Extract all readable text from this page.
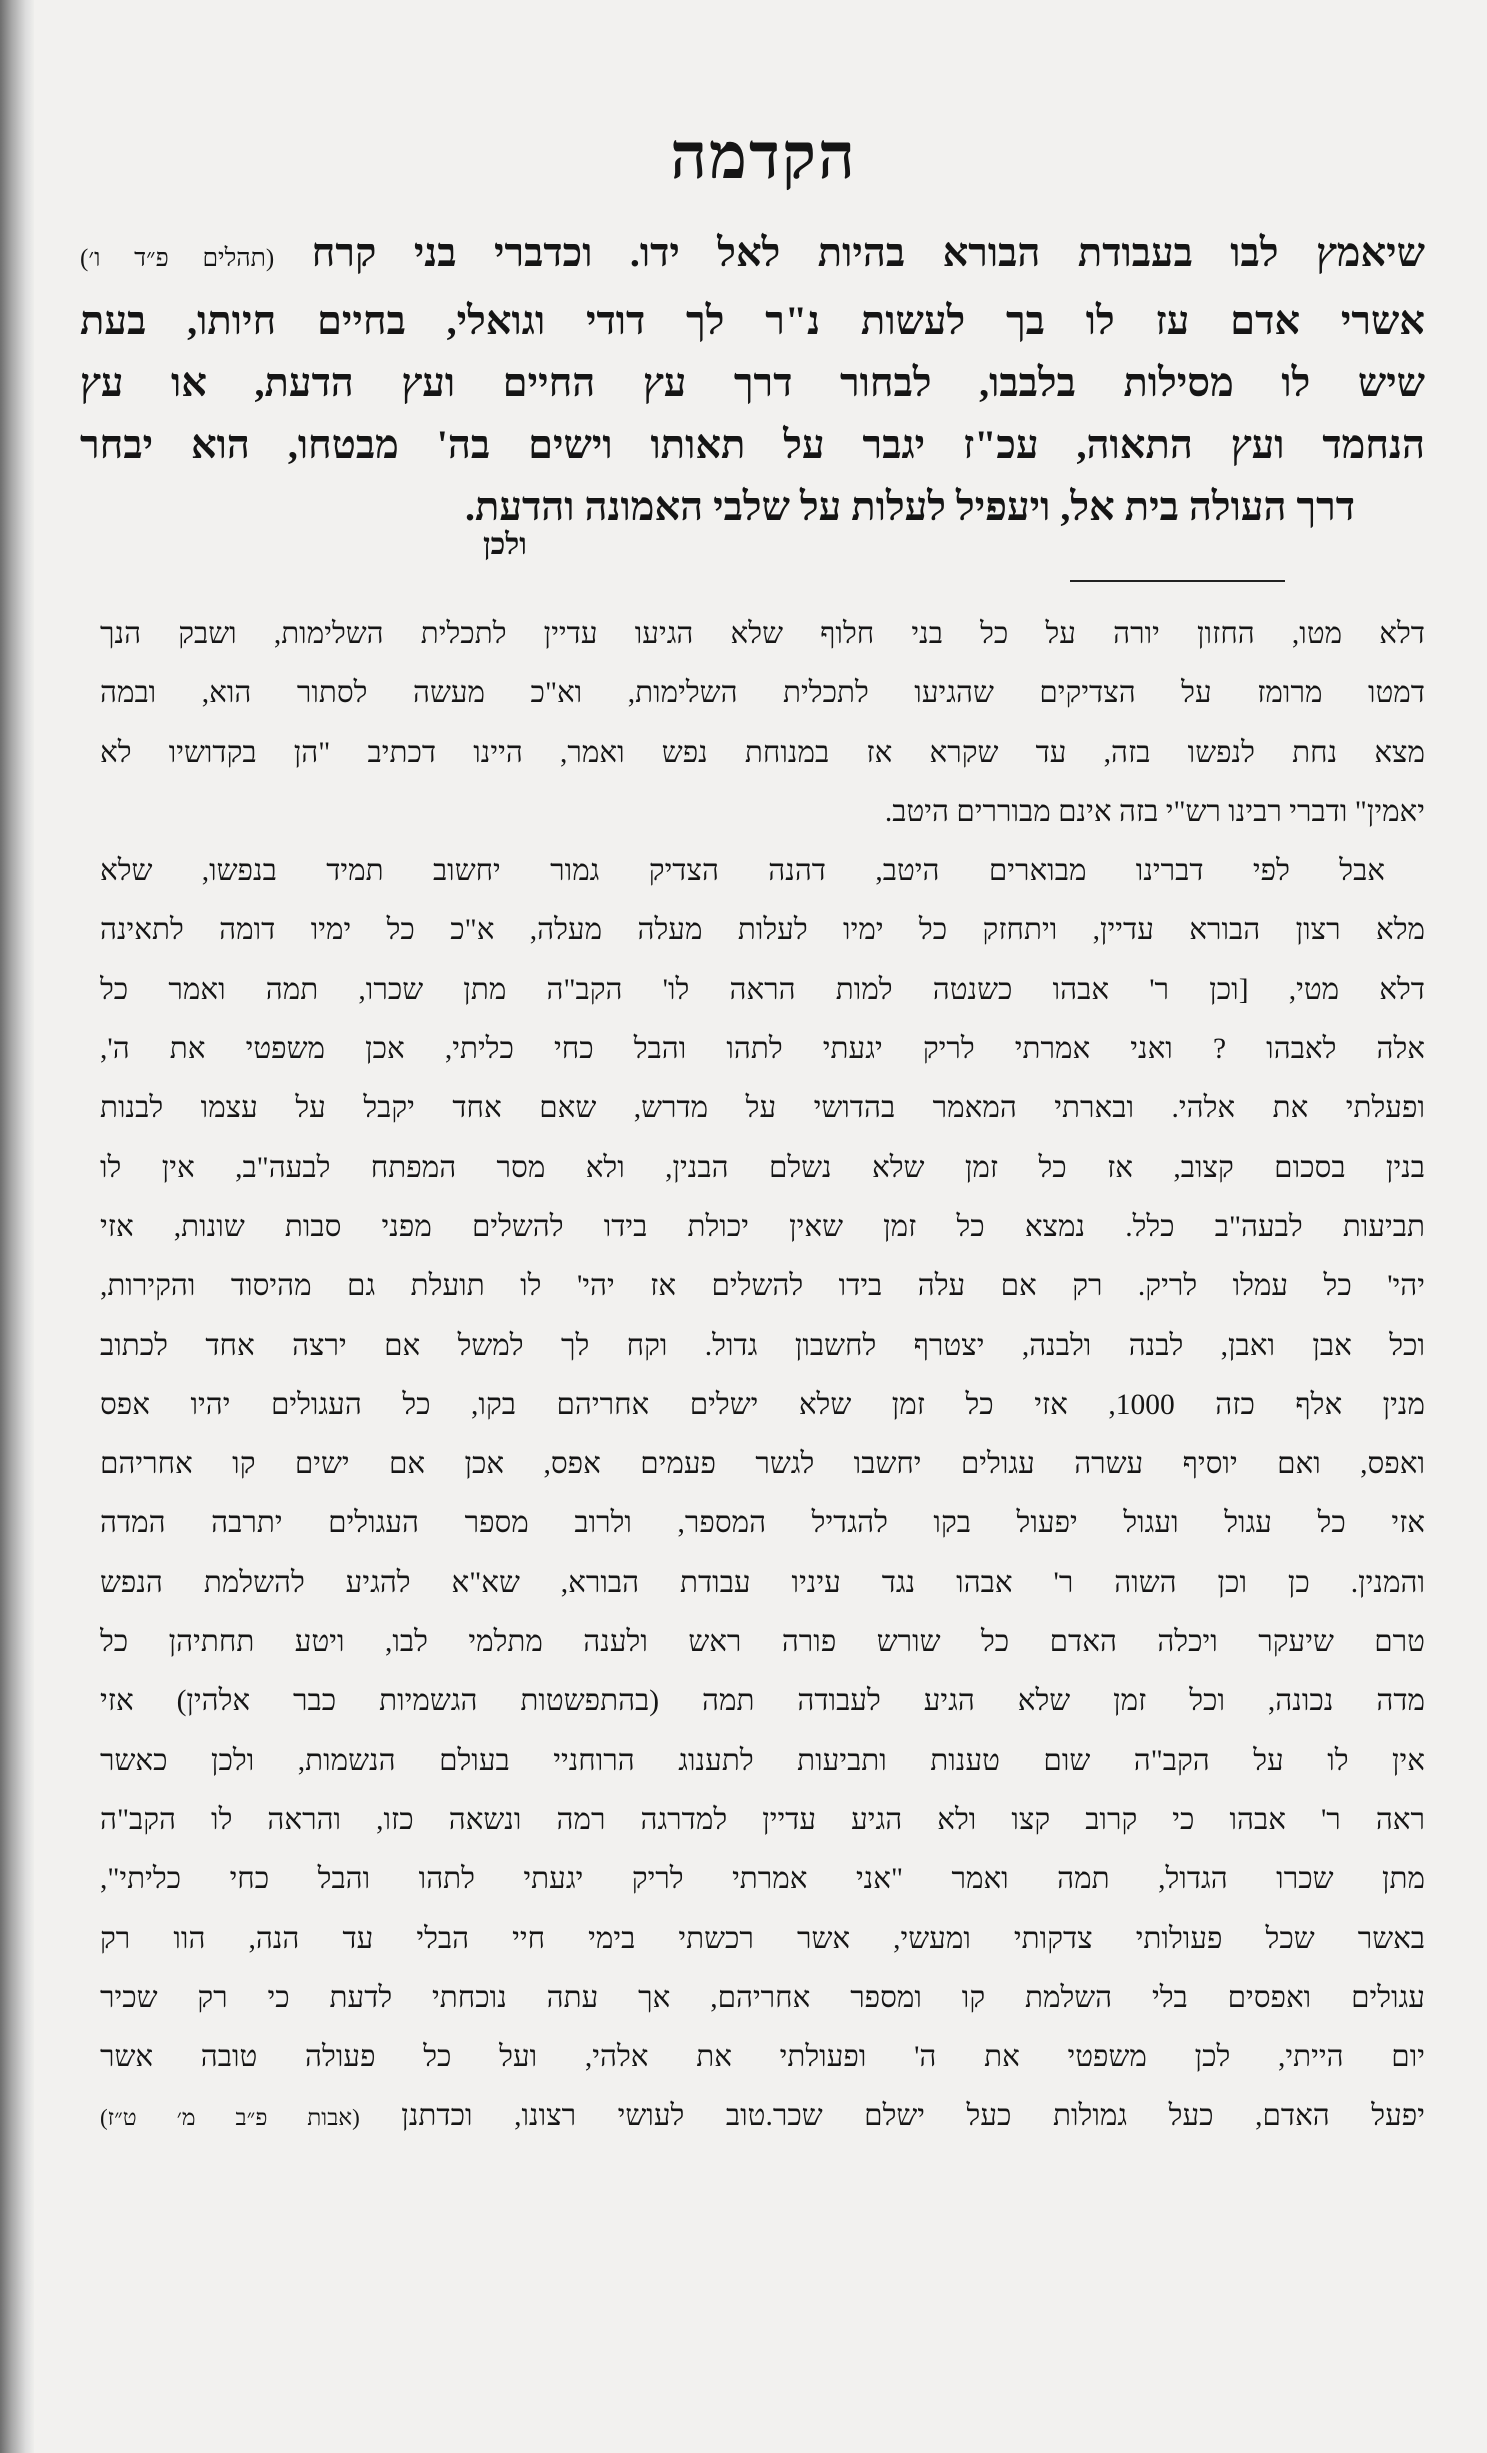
הקדמה
שיאמץ לבו בעבודת הבורא בהיות לאל ידו. וכדברי בני קרח (תהלים פ״ד ו׳)
אשרי אדם עז לו בך לעשות נ"ר לך דודי וגואלי, בחיים חיותו, בעת
שיש לו מסילות בלבבו, לבחור דרך עץ החיים ועץ הדעת, או עץ
הנחמד ועץ התאוה, עכ"ז יגבר על תאותו וישים בה' מבטחו, הוא יבחר
דרך העולה בית אל, ויעפיל לעלות על שלבי האמונה והדעת.
ולכן
דלא מטו, החזון יורה על כל בני חלוף שלא הגיעו עדיין לתכלית השלימות, ושבק הנך
דמטו מרומז על הצדיקים שהגיעו לתכלית השלימות, וא"כ מעשה לסתור הוא, ובמה
מצא נחת לנפשו בזה, עד שקרא אז במנוחת נפש ואמר, היינו דכתיב "הן בקדושיו לא
יאמין" ודברי רבינו רש"י בזה אינם מבוררים היטב.
אבל לפי דברינו מבוארים היטב, דהנה הצדיק גמור יחשוב תמיד בנפשו, שלא
מלא רצון הבורא עדיין, ויתחזק כל ימיו לעלות מעלה מעלה, א"כ כל ימיו דומה לתאינה
דלא מטי, [וכן ר' אבהו כשנטה למות הראה לו' הקב"ה מתן שכרו, תמה ואמר כל
אלה לאבהו ? ואני אמרתי לריק יגעתי לתהו והבל כחי כליתי, אכן משפטי את ה',
ופעלתי את אלהי. ובארתי המאמר בהדושי על מדרש, שאם אחד יקבל על עצמו לבנות
בנין בסכום קצוב, אז כל זמן שלא נשלם הבנין, ולא מסר המפתח לבעה"ב, אין לו
תביעות לבעה"ב כלל. נמצא כל זמן שאין יכולת בידו להשלים מפני סבות שונות, אזי
יהי' כל עמלו לריק. רק אם עלה בידו להשלים אז יהי' לו תועלת גם מהיסוד והקירות,
וכל אבן ואבן, לבנה ולבנה, יצטרף לחשבון גדול. וקח לך למשל אם ירצה אחד לכתוב
מנין אלף כזה 1000, אזי כל זמן שלא ישלים אחריהם בקו, כל העגולים יהיו אפס
ואפס, ואם יוסיף עשרה עגולים יחשבו לגשר פעמים אפס, אכן אם ישים קו אחריהם
אזי כל עגול ועגול יפעול בקו להגדיל המספר, ולרוב מספר העגולים יתרבה המדה
והמנין. כן וכן השוה ר' אבהו נגד עיניו עבודת הבורא, שא"א להגיע להשלמת הנפש
טרם שיעקר ויכלה האדם כל שורש פורה ראש ולענה מתלמי לבו, ויטע תחתיהן כל
מדה נכונה, וכל זמן שלא הגיע לעבודה תמה (בהתפשטות הגשמיות כבר אלהין) אזי
אין לו על הקב"ה שום טענות ותביעות לתענוג הרוחניי בעולם הנשמות, ולכן כאשר
ראה ר' אבהו כי קרוב קצו ולא הגיע עדיין למדרגה רמה ונשאה כזו, והראה לו הקב"ה
מתן שכרו הגדול, תמה ואמר "אני אמרתי לריק יגעתי לתהו והבל כחי כליתי",
באשר שכל פעולותי צדקותי ומעשי, אשר רכשתי בימי חיי הבלי עד הנה, הוו רק
עגולים ואפסים בלי השלמת קו ומספר אחריהם, אך עתה נוכחתי לדעת כי רק שכיר
יום הייתי, לכן משפטי את ה' ופעולתי את אלהי, ועל כל פעולה טובה אשר
יפעל האדם, כעל גמולות כעל ישלם שכר.טוב לעושי רצונו, וכדתנן (אבות פ״ב מ׳ ט״ז)
